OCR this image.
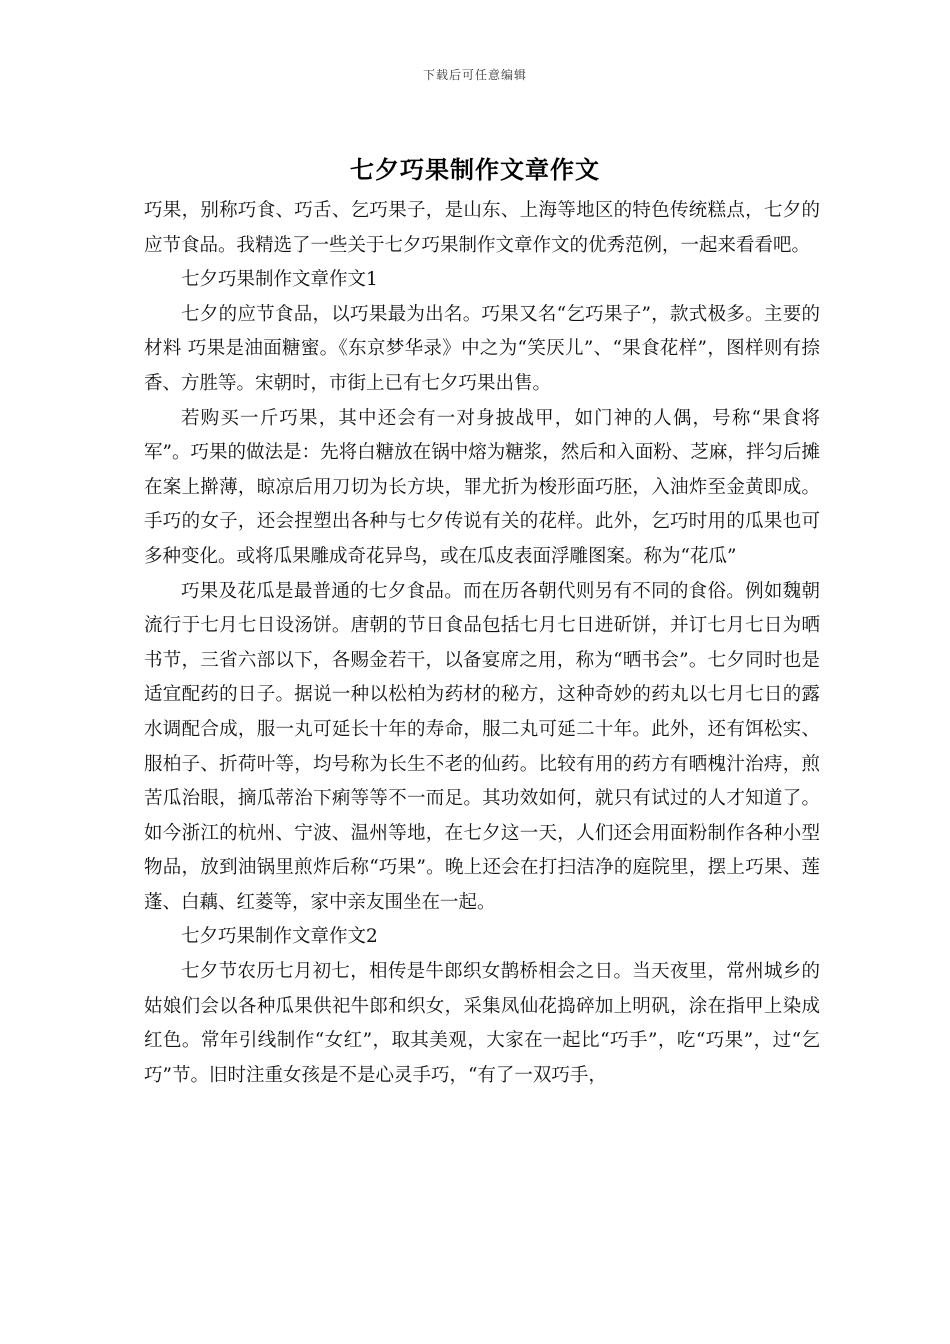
下载后可任意编辑
七夕巧果制作文章作文

巧果，别称巧食、巧舌、乞巧果子，是山东、上海等地区的特色传统糕点，七夕的应节食品。我精选了一些关于七夕巧果制作文章作文的优秀范例，一起来看看吧。

七夕巧果制作文章作文1

七夕的应节食品，以巧果最为出名。巧果又名“乞巧果子”，款式极多。主要的材料 巧果是油面糖蜜。《东京梦华录》中之为“笑厌儿”、“果食花样”，图样则有捺香、方胜等。宋朝时，市街上已有七夕巧果出售。

若购买一斤巧果，其中还会有一对身披战甲，如门神的人偶，号称“果食将军”。巧果的做法是：先将白糖放在锅中熔为糖浆，然后和入面粉、芝麻，拌匀后摊在案上擀薄，晾凉后用刀切为长方块，罪尤折为梭形面巧胚，入油炸至金黄即成。手巧的女子，还会捏塑出各种与七夕传说有关的花样。此外，乞巧时用的瓜果也可多种变化。或将瓜果雕成奇花异鸟，或在瓜皮表面浮雕图案。称为“花瓜”

巧果及花瓜是最普通的七夕食品。而在历各朝代则另有不同的食俗。例如魏朝流行于七月七日设汤饼。唐朝的节日食品包括七月七日进斫饼，并订七月七日为晒书节，三省六部以下，各赐金若干，以备宴席之用，称为“晒书会”。七夕同时也是适宜配药的日子。据说一种以松柏为药材的秘方，这种奇妙的药丸以七月七日的露水调配合成，服一丸可延长十年的寿命，服二丸可延二十年。此外，还有饵松实、服柏子、折荷叶等，均号称为长生不老的仙药。比较有用的药方有晒槐汁治痔，煎苦瓜治眼，摘瓜蒂治下痢等等不一而足。其功效如何，就只有试过的人才知道了。如今浙江的杭州、宁波、温州等地，在七夕这一天，人们还会用面粉制作各种小型物品，放到油锅里煎炸后称“巧果”。晚上还会在打扫洁净的庭院里，摆上巧果、莲蓬、白藕、红菱等，家中亲友围坐在一起。

七夕巧果制作文章作文2

七夕节农历七月初七，相传是牛郎织女鹊桥相会之日。当天夜里，常州城乡的姑娘们会以各种瓜果供祀牛郎和织女，采集凤仙花捣碎加上明矾，涂在指甲上染成红色。常年引线制作“女红”，取其美观，大家在一起比“巧手”，吃“巧果”，过“乞巧”节。旧时注重女孩是不是心灵手巧，“有了一双巧手，
